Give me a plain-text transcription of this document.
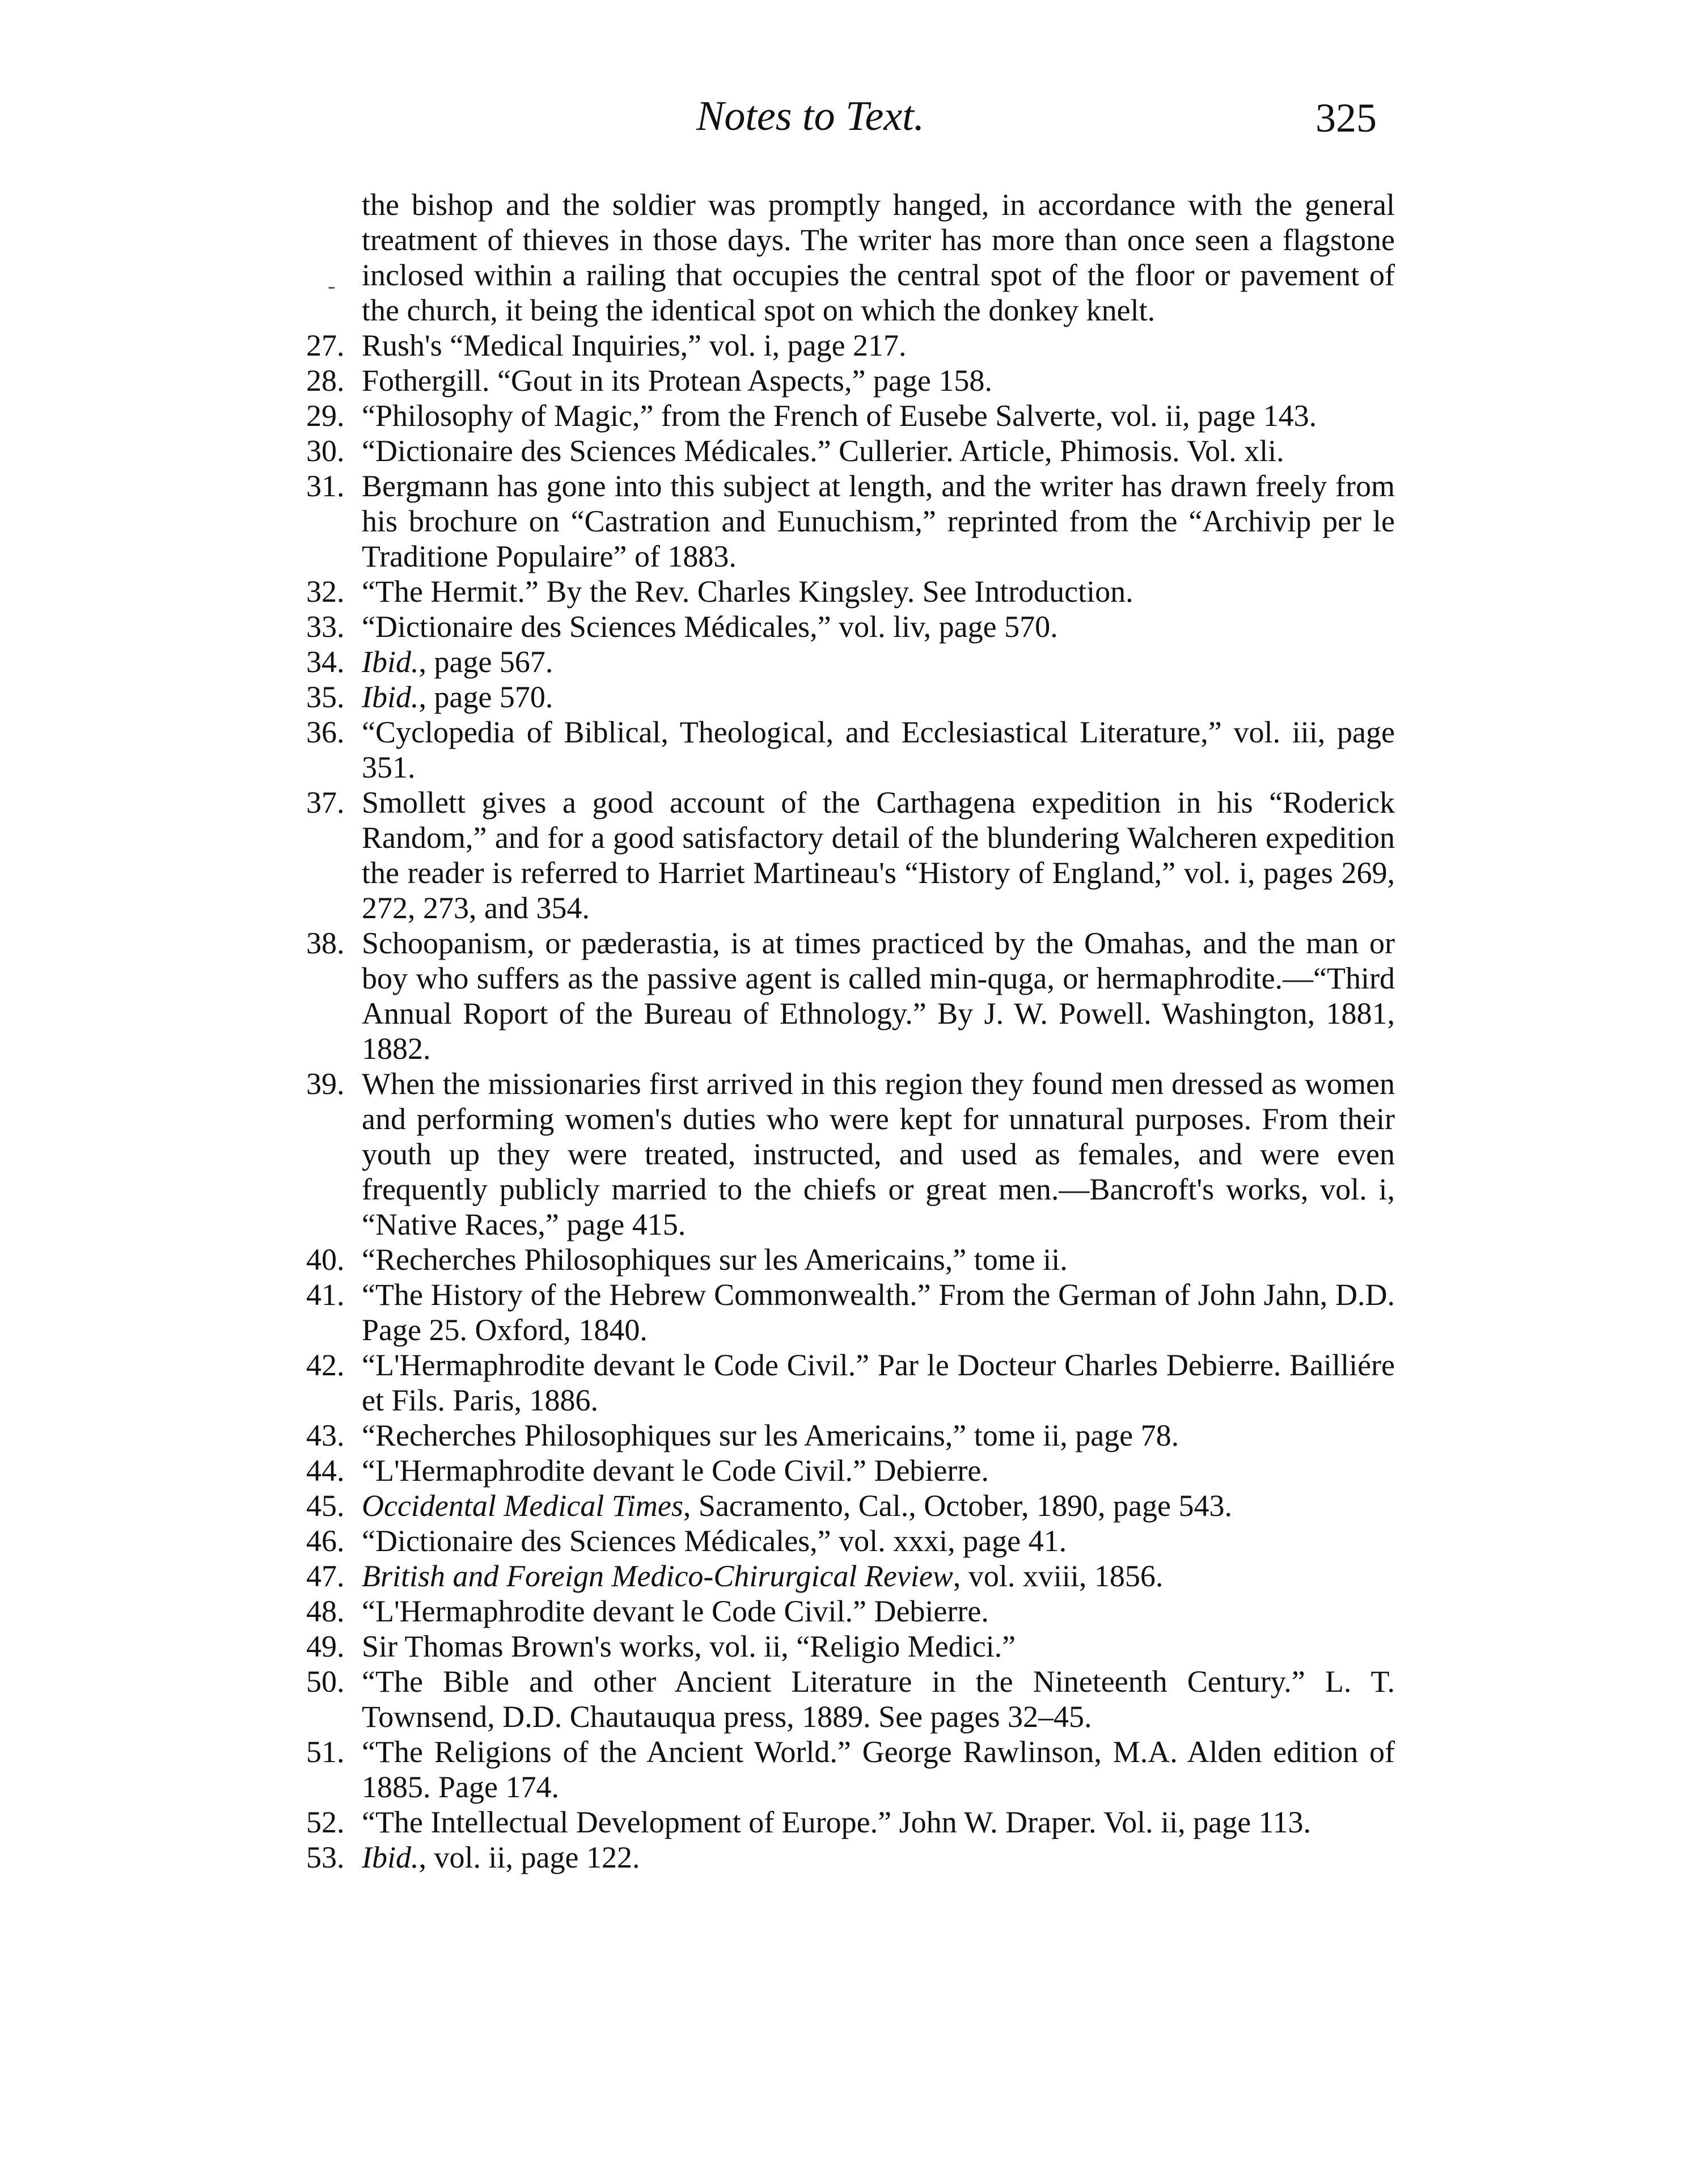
Notes to Text.	325
-

the bishop and the soldier was promptly hanged, in accordance with the general treatment of thieves in those days. The writer has more than once seen a flagstone inclosed within a railing that occupies the central spot of the floor or pavement of the church, it being the identical spot on which the donkey knelt.

27. Rush's “Medical Inquiries,” vol. i, page 217.
28. Fothergill. “Gout in its Protean Aspects,” page 158.
29. “Philosophy of Magic,” from the French of Eusebe Salverte, vol. ii, page 143.
30. “Dictionaire des Sciences Médicales.” Cullerier. Article, Phimosis. Vol. xli.
31. Bergmann has gone into this subject at length, and the writer has drawn freely from his brochure on “Castration and Eunuchism,” reprinted from the “Archivip per le Traditione Populaire” of 1883.
32. “The Hermit.” By the Rev. Charles Kingsley. See Introduction.
33. “Dictionaire des Sciences Médicales,” vol. liv, page 570.
34. Ibid., page 567.
35. Ibid., page 570.
36. “Cyclopedia of Biblical, Theological, and Ecclesiastical Literature,” vol. iii, page 351.
37. Smollett gives a good account of the Carthagena expedition in his “Roderick Random,” and for a good satisfactory detail of the blundering Walcheren expedition the reader is referred to Harriet Martineau's “History of England,” vol. i, pages 269, 272, 273, and 354.
38. Schoopanism, or pæderastia, is at times practiced by the Omahas, and the man or boy who suffers as the passive agent is called min-quga, or hermaphrodite.—“Third Annual Roport of the Bureau of Ethnology.” By J. W. Powell. Washington, 1881, 1882.
39. When the missionaries first arrived in this region they found men dressed as women and performing women's duties who were kept for unnatural purposes. From their youth up they were treated, instructed, and used as females, and were even frequently publicly married to the chiefs or great men.—Bancroft's works, vol. i, “Native Races,” page 415.
40. “Recherches Philosophiques sur les Americains,” tome ii.
41. “The History of the Hebrew Commonwealth.” From the German of John Jahn, D.D. Page 25. Oxford, 1840.
42. “L'Hermaphrodite devant le Code Civil.” Par le Docteur Charles Debierre. Bailliére et Fils. Paris, 1886.
43. “Recherches Philosophiques sur les Americains,” tome ii, page 78.
44. “L'Hermaphrodite devant le Code Civil.” Debierre.
45. Occidental Medical Times, Sacramento, Cal., October, 1890, page 543.
46. “Dictionaire des Sciences Médicales,” vol. xxxi, page 41.
47. British and Foreign Medico-Chirurgical Review, vol. xviii, 1856.
48. “L'Hermaphrodite devant le Code Civil.” Debierre.
49. Sir Thomas Brown's works, vol. ii, “Religio Medici.”
50. “The Bible and other Ancient Literature in the Nineteenth Century.” L. T. Townsend, D.D. Chautauqua press, 1889. See pages 32–45.
51. “The Religions of the Ancient World.” George Rawlinson, M.A. Alden edition of 1885. Page 174.
52. “The Intellectual Development of Europe.” John W. Draper. Vol. ii, page 113.
53. Ibid., vol. ii, page 122.
